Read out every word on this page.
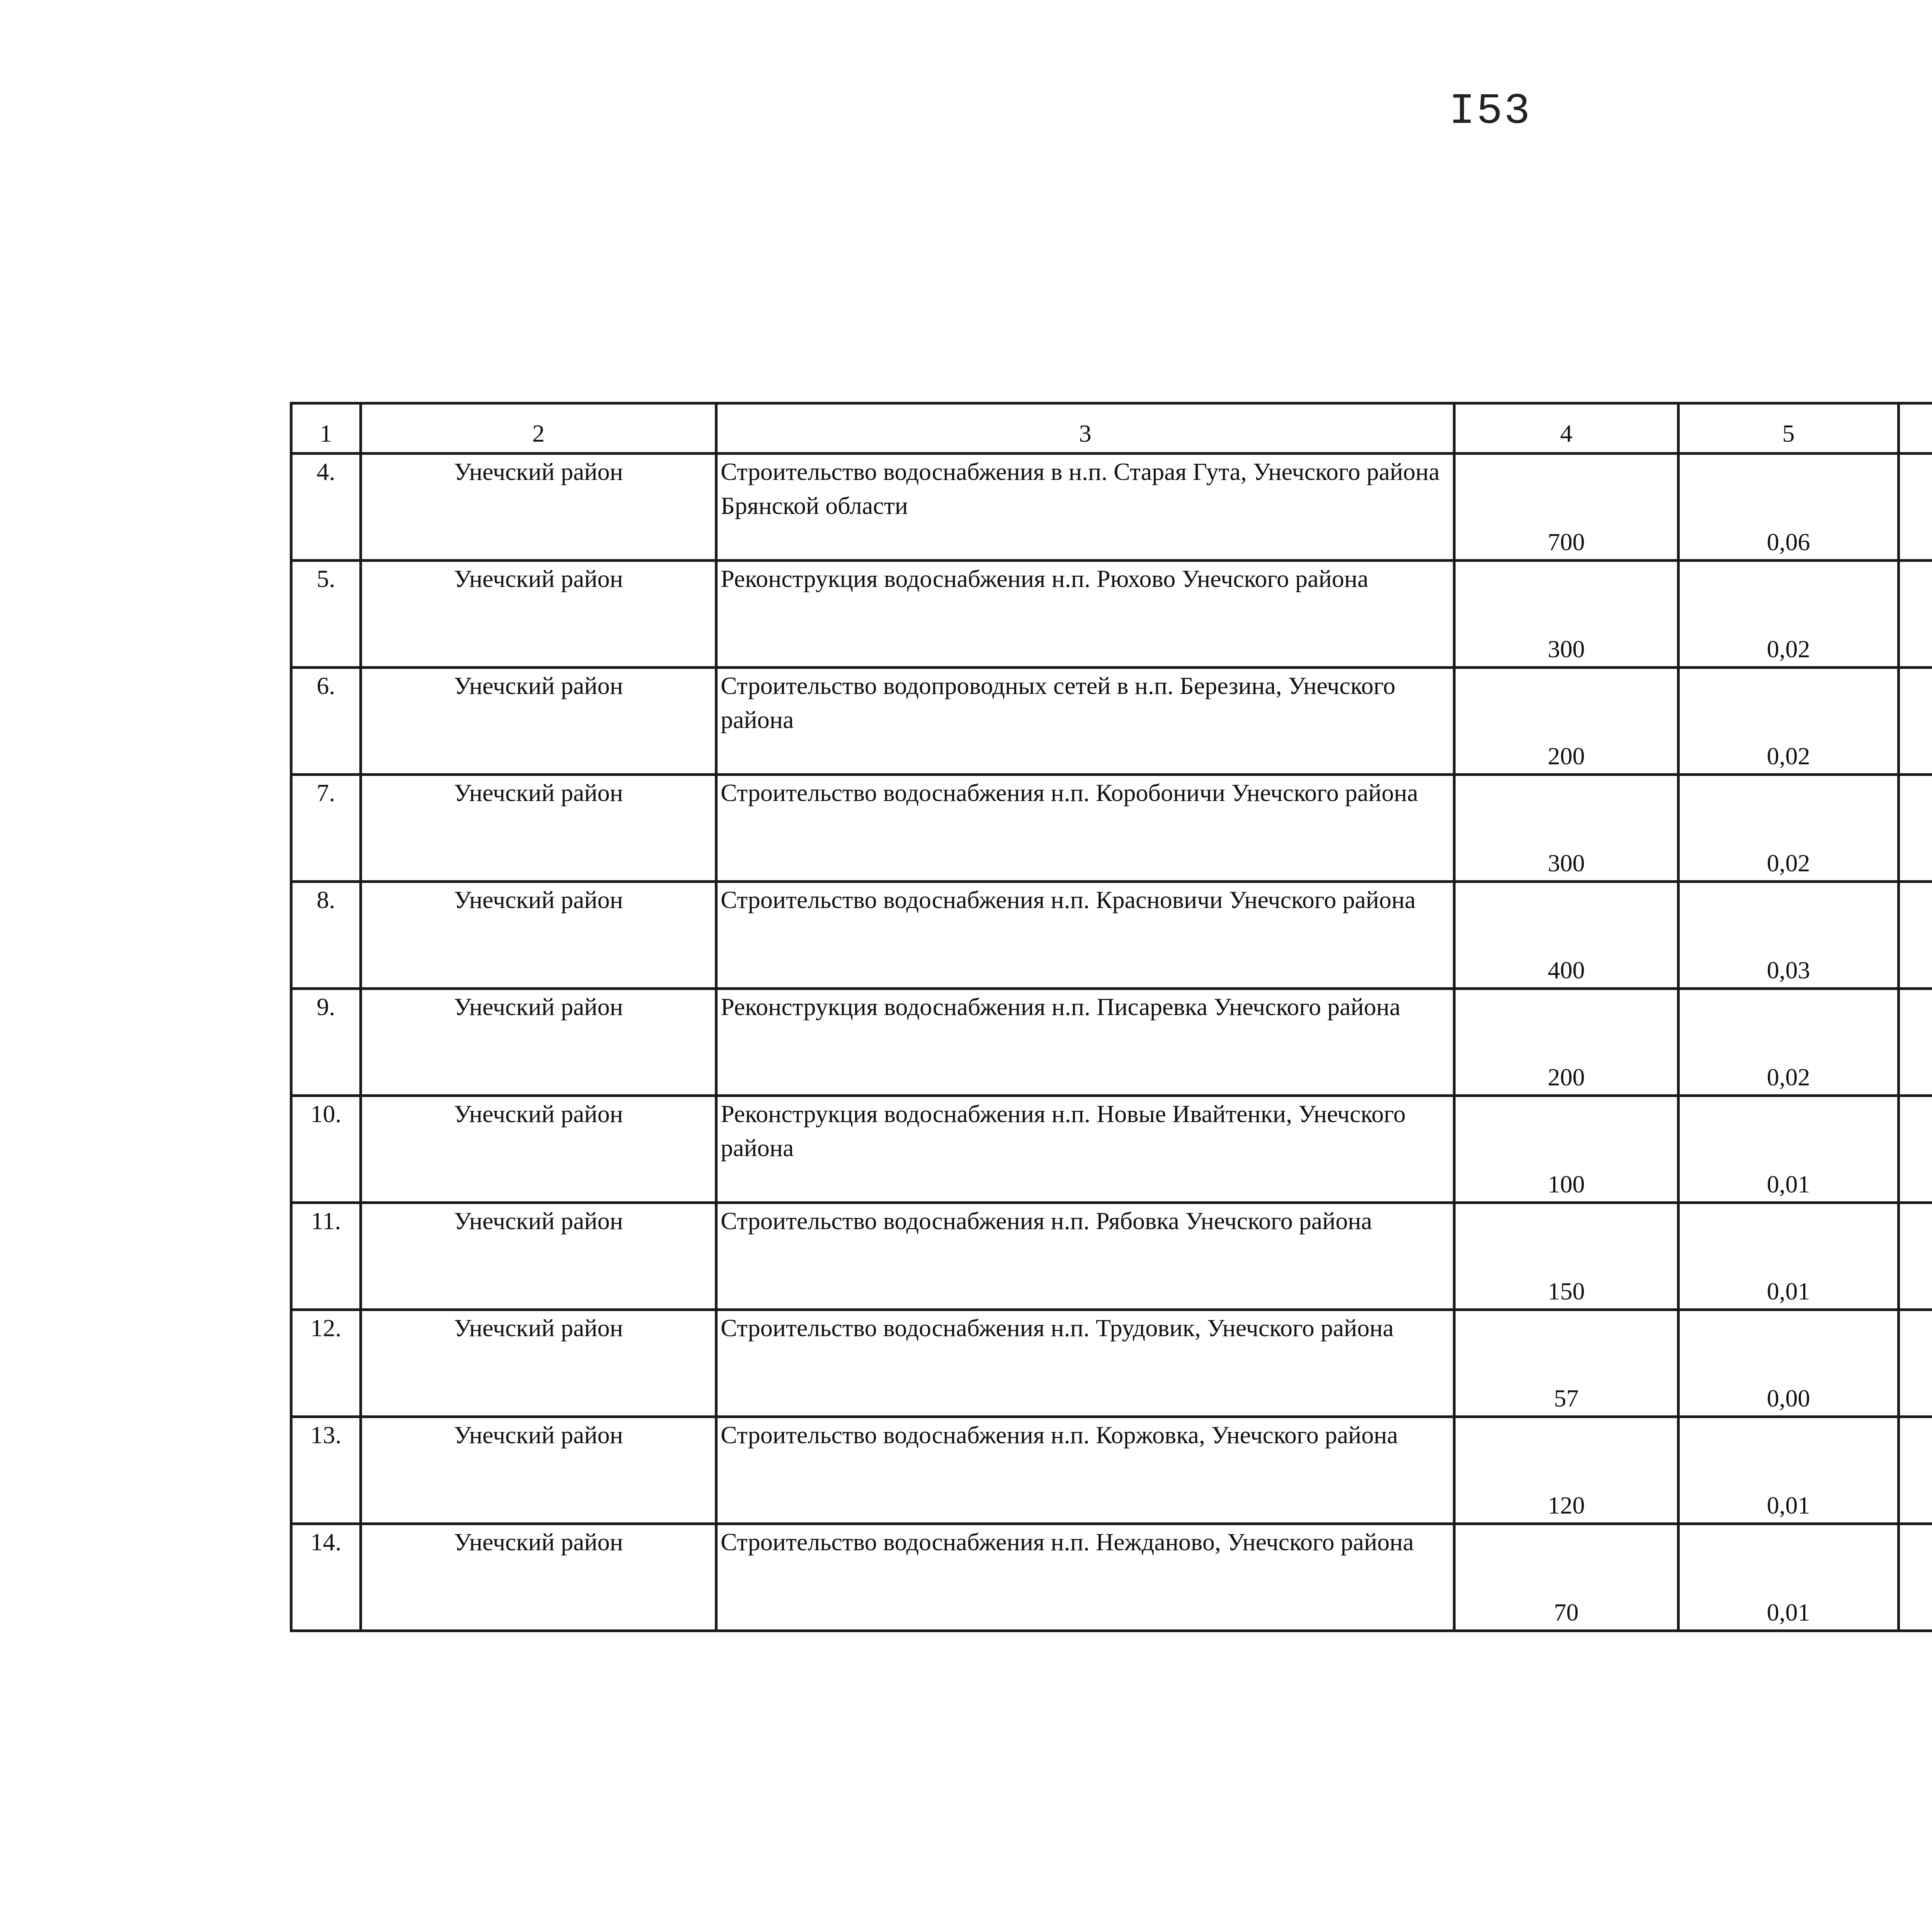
I53
1	2	3	4	5						
4.	Унечский район	Строительство водоснабжения в н.п. Старая Гута, Унечского района Брянской области	700	0,06						
5.	Унечский район	Реконструкция водоснабжения н.п. Рюхово Унечского района	300	0,02						
6.	Унечский район	Строительство водопроводных сетей в н.п. Березина, Унечского района	200	0,02						
7.	Унечский район	Строительство водоснабжения н.п. Коробоничи Унечского района	300	0,02						
8.	Унечский район	Строительство водоснабжения н.п. Красновичи Унечского района	400	0,03						
9.	Унечский район	Реконструкция водоснабжения н.п. Писаревка Унечского района	200	0,02						
10.	Унечский район	Реконструкция водоснабжения н.п. Новые Ивайтенки, Унечского района	100	0,01						
11.	Унечский район	Строительство водоснабжения н.п. Рябовка Унечского района	150	0,01						
12.	Унечский район	Строительство водоснабжения н.п. Трудовик, Унечского района	57	0,00						
13.	Унечский район	Строительство водоснабжения н.п. Коржовка, Унечского района	120	0,01						
14.	Унечский район	Строительство водоснабжения н.п. Нежданово, Унечского района	70	0,01						
